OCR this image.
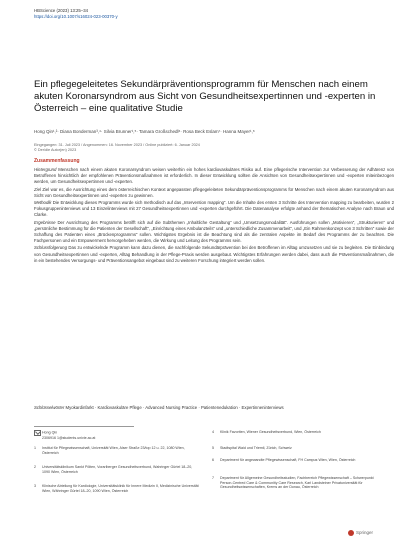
HBScience (2023) 13:25–34
https://doi.org/10.1007/s16024-023-00370-y
Ein pflegegeleitetes Sekundärpräventionsprogramm für Menschen nach einem akuten Koronarsyndrom aus Sicht von Gesundheitsexpertinnen und -experten in Österreich – eine qualitative Studie
Hong Qin¹,²· Diana Bonderman³,⁴· Silvia Brunner¹,⁵· Tamara Großschedl⁶· Rosa Beck Eslam⁷· Hanna Mayer¹,⁸
Eingegangen: 31. Juli 2023 / Angenommen: 16. November 2023 / Online publiziert: 6. Januar 2024
© Der/die Autor(en) 2023
Zusammenfassung

Hintergrund Menschen nach einem akuten Koronarsyndrom weisen weiterhin ein hohes kardiovaskuläres Risiko auf. Eine pflegerische Intervention zur Verbesserung der Adhärenz von Betroffenen hinsichtlich der empfohlenen Präventionsmaßnahmen ist erforderlich. In dieser Entwicklung sollten die Ansichten von Gesundheitsexpertinnen und -experten miteinbezogen werden, um Gesundheitsexpertinnen und -experten.

Ziel Ziel war es, die Ausrichtung eines dem österreichischen Kontext angepassten pflegegeleiteten Sekundärpräventionsprogramms für Menschen nach einem akuten Koronarsyndrom aus Sicht von Gesundheitsexpertinnen und -experten zu gewinnen.

Methodik Die Entwicklung dieses Programms wurde sich methodisch auf das „Intervention mapping“. Um die Inhalte des ersten 3 Schritte des Intervention mapping zu bearbeiten, wurden 2 Fokusgruppeninterviews und 13 Einzelinterviews mit 27 Gesundheitsexpertinnen und -experten durchgeführt. Die Datenanalyse erfolgte anhand der thematischen Analyse nach Braun und Clarke.

Ergebnisse Der Ausrichtung des Programms betrifft sich auf die Subthemen „Inhaltliche Gestaltung“ und „Umsetzungsmodalität“. Ausführungen sollen „Motivieren“, „Strukturieren“ und „persönliche Bestimmung für die Patienten der Gesellschaft“, „Einrichtung eines Ambulanzteils“ und „unterschiedliche Zusammenarbeit“, und „Ein Rahmenkonzept von 3 Schritten“ sowie der Schaffung des Patienten eines „Brückenprogramms“ sollen. Wichtigstes Ergebnis ist die Beachtung sind als die zentralen Aspekte im Bedarf des Programms der zu beachten. Die Fachpersonen und ein Empowerment hervorgeheben werden, die Wirkung und Leitung des Programms sein.

Schlussfolgerung Das zu entwickelnde Programm kann dazu dienen, die nachfolgende Sekundärprävention bei den Betroffenen im Alltag umzusetzen und sie zu begleiten. Die Einbindung von Gesundheitsexpertinnen und -experten, Alltag Behandlung in der Pflege-Praxis werden ausgebaut. Wichtigstes Erfahrungen werden dabei, dass auch die Präventionsmaßnahmen, die in ein bestehendes Versorgungs- und Präventionsangebot eingebaut sind zu weiteren Forschung integriert werden sollen.

Schlüsselwörter Myokardinfarkt · Kardiovaskuläre Pflege · Advanced Nursing Practice · Patientenedukation · Expertinneninterviews
Hong Qin
2306916 1@students.univie.ac.at
1 Institut für Pflegewissenschaft, Universität Wien, Alser Straße 23/top 12 u. 22, 1080 Wien, Österreich
2 Universitätsklinikum Sankt Pölten, Vorarlberger Gesundheitsverbund, Wahringer Gürtel 18–20, 1090 Wien, Österreich
3 Klinische Abteilung für Kardiologie, Universitätsklinik für Innere Medizin II, Medizinische Universität Wien, Währinger Gürtel 18–20, 1090 Wien, Österreich
4 Klinik Favoriten, Wiener Gesundheitsverbund, Wien, Österreich
5 Stadtspital Waid und Triemli, Zürich, Schweiz
6 Department für angewandte Pflegewissenschaft, FH Campus Wien, Wien, Österreich
7 Department für Allgemeine Gesundheitsstudien, Fachbereich Pflegewissenschaft – Schwerpunkt Person-Centred Care & Communitiy Care Research, Karl Landsteiner Privatuniversität für Gesundheitswissenschaften, Krems an der Donau, Österreich
Springer
